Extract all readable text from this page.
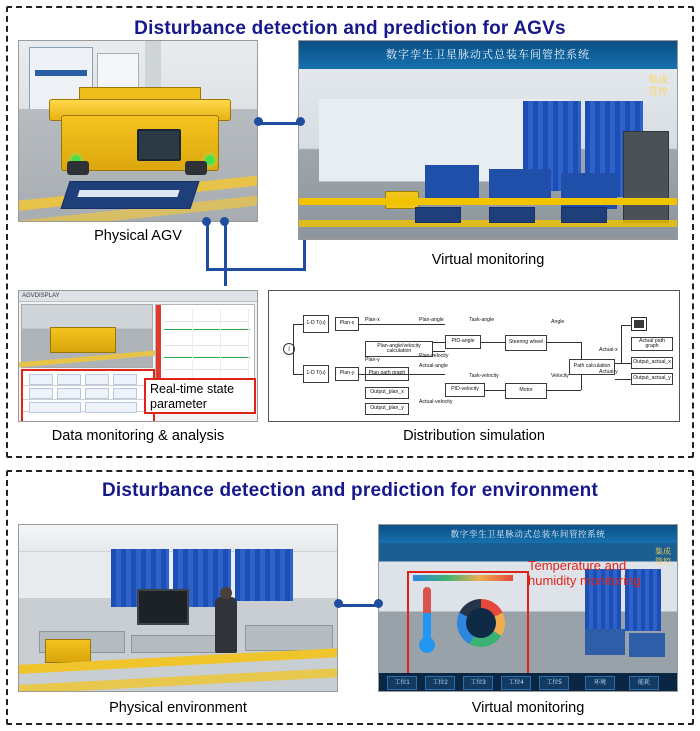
Disturbance detection and prediction for AGVs
Physical AGV
数字孪生卫星脉动式总装车间管控系统
集成管控
Virtual monitoring
AGVDISPLAY
Real-time state parameter
Data monitoring & analysis
1-D T(u)	Plan-x
1-D T(u)	Plan-y
∫
Plan-angle/velocity calculation
Output_plan_x
Output_plan_y
PID-angle
PID-velocity
Steering wheel
Motor
Path calculation
Actual path graph
Output_actual_x
Output_actual_y
Plan-x
Plan-y
Plan-angle
Plan-velocity
Actual-angle
Actual-velocity
Task-angle
Task-velocity
Angle
Velocity
Actual-x
Actual-y
Distribution simulation
Disturbance detection and prediction for environment
Physical environment
工位1	工位2	工位3	工位4	工位5	环境	能耗
数字孪生卫星脉动式总装车间管控系统
集成管控
Temperature and humidity monitoring
Virtual monitoring
